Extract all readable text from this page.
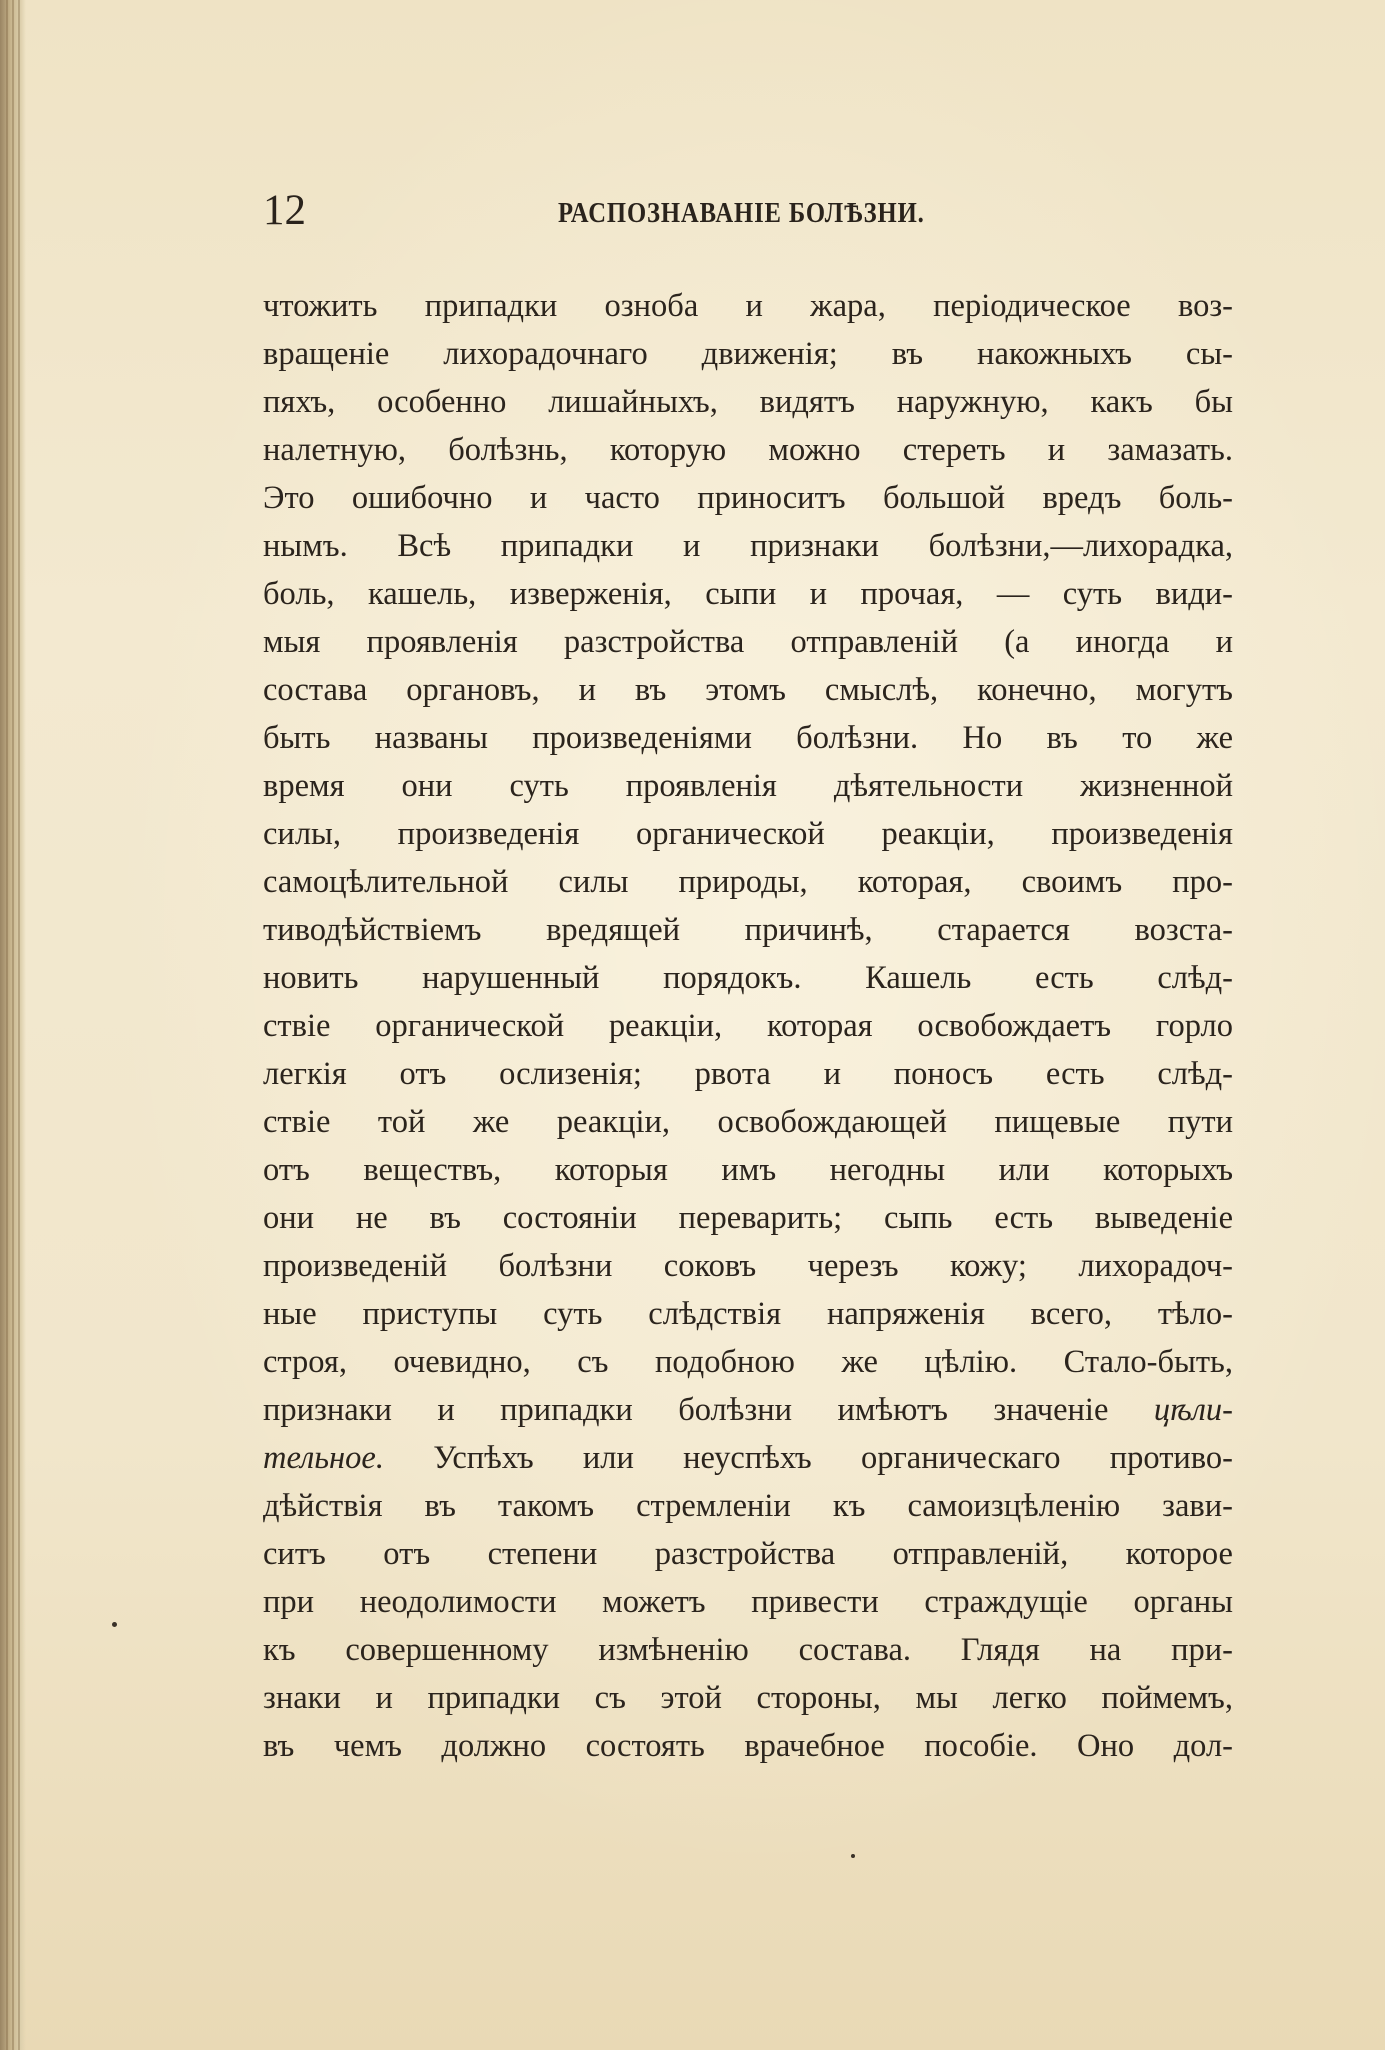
12	РАСПОЗНАВАНІЕ БОЛѢЗНИ.
чтожить припадки озноба и жара, періодическое воз-
вращеніе лихорадочнаго движенія; въ накожныхъ сы-
пяхъ, особенно лишайныхъ, видятъ наружную, какъ бы
налетную, болѣзнь, которую можно стереть и замазать.
Это ошибочно и часто приноситъ большой вредъ боль-
нымъ. Всѣ припадки и признаки болѣзни,—лихорадка,
боль, кашель, изверженія, сыпи и прочая, — суть види-
мыя проявленія разстройства отправленій (а иногда и
состава органовъ, и въ этомъ смыслѣ, конечно, могутъ
быть названы произведеніями болѣзни. Но въ то же
время они суть проявленія дѣятельности жизненной
силы, произведенія органической реакціи, произведенія
самоцѣлительной силы природы, которая, своимъ про-
тиводѣйствіемъ вредящей причинѣ, старается возста-
новить нарушенный порядокъ. Кашель есть слѣд-
ствіе органической реакціи, которая освобождаетъ горло
легкія отъ ослизенія; рвота и поносъ есть слѣд-
ствіе той же реакціи, освобождающей пищевые пути
отъ веществъ, которыя имъ негодны или которыхъ
они не въ состояніи переварить; сыпь есть выведеніе
произведеній болѣзни соковъ черезъ кожу; лихорадоч-
ные приступы суть слѣдствія напряженія всего, тѣло-
строя, очевидно, съ подобною же цѣлію. Стало-быть,
признаки и припадки болѣзни имѣютъ значеніе цѣли-
тельное. Успѣхъ или неуспѣхъ органическаго противо-
дѣйствія въ такомъ стремленіи къ самоизцѣленію зави-
ситъ отъ степени разстройства отправленій, которое
при неодолимости можетъ привести страждущіе органы
къ совершенному измѣненію состава. Глядя на при-
знаки и припадки съ этой стороны, мы легко поймемъ,
въ чемъ должно состоять врачебное пособіе. Оно дол-
